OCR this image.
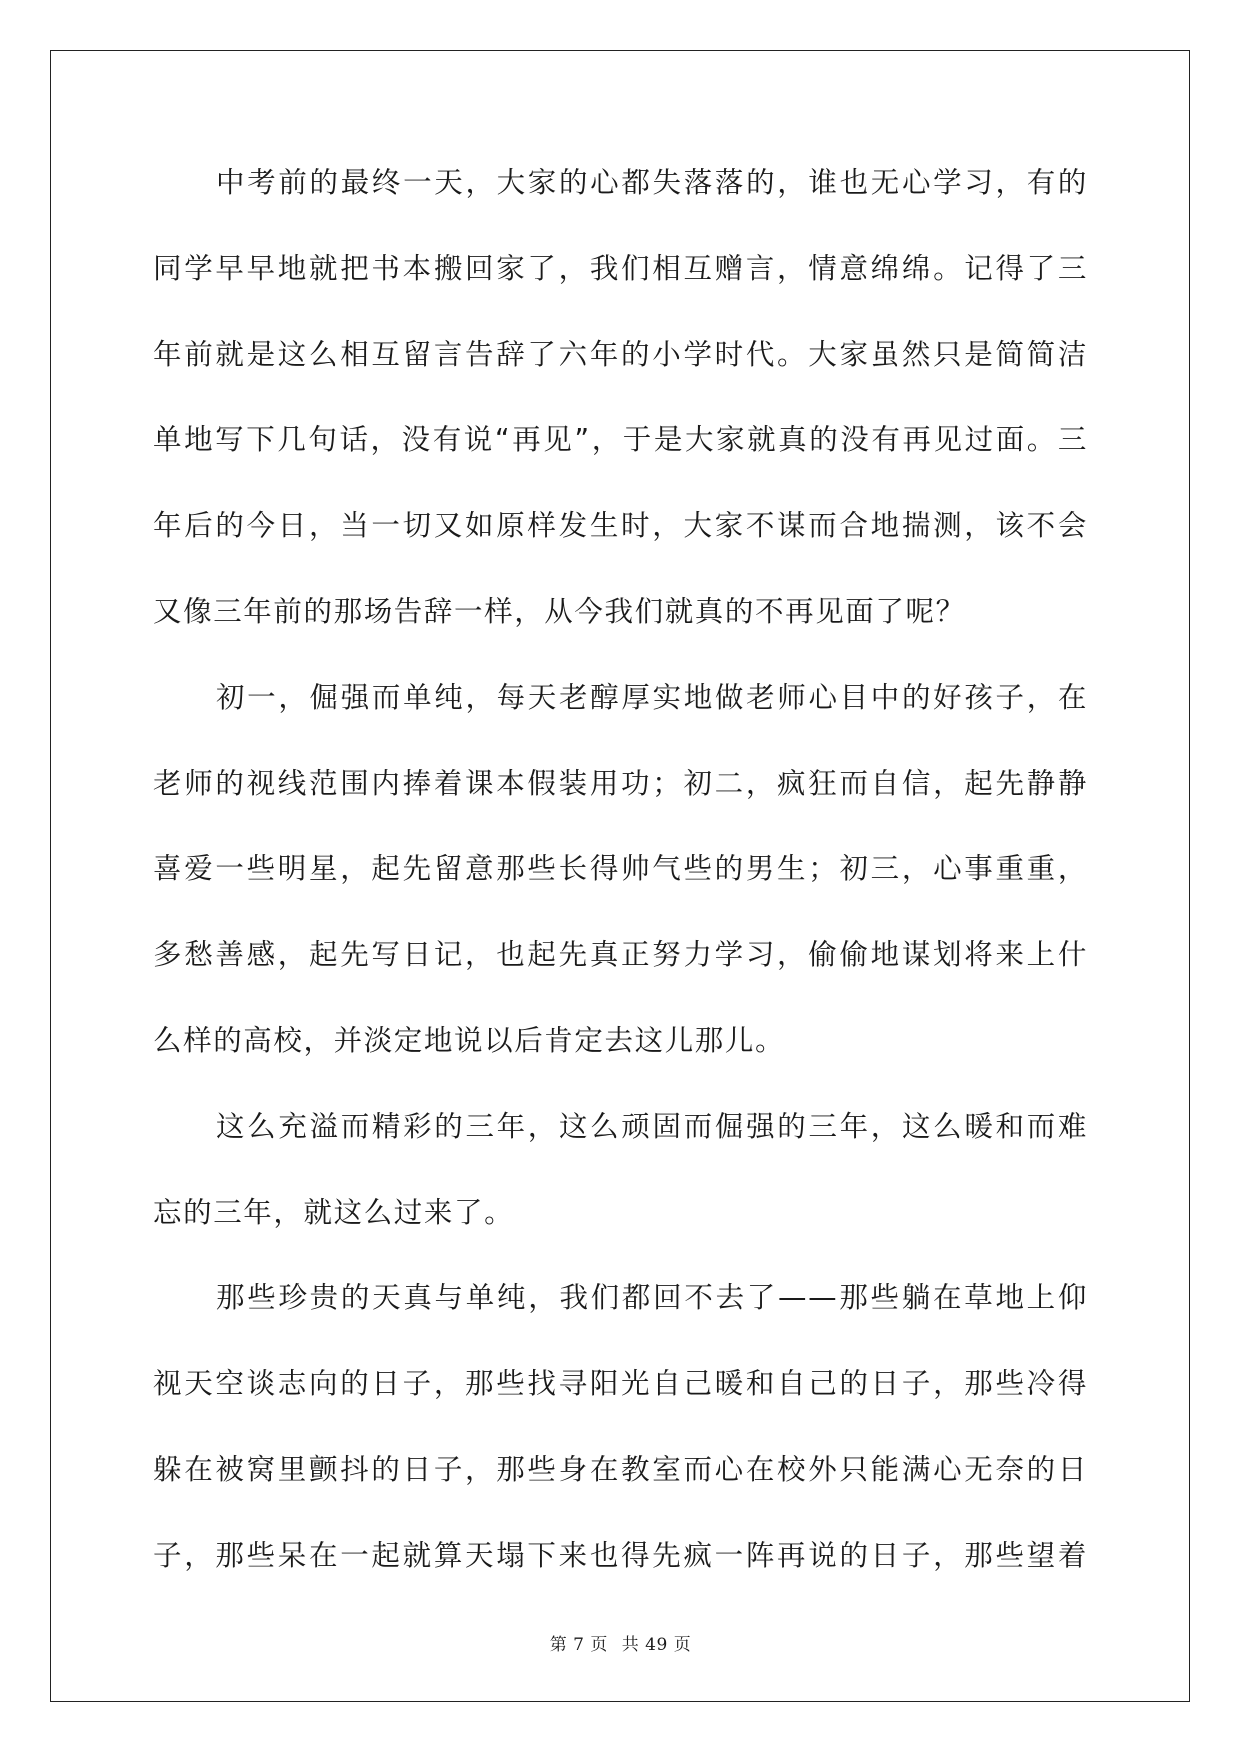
中考前的最终一天，大家的心都失落落的，谁也无心学习，有的

同学早早地就把书本搬回家了，我们相互赠言，情意绵绵。记得了三

年前就是这么相互留言告辞了六年的小学时代。大家虽然只是简简洁

单地写下几句话，没有说“再见”，于是大家就真的没有再见过面。三

年后的今日，当一切又如原样发生时，大家不谋而合地揣测，该不会

又像三年前的那场告辞一样，从今我们就真的不再见面了呢？

初一，倔强而单纯，每天老醇厚实地做老师心目中的好孩子，在

老师的视线范围内捧着课本假装用功；初二，疯狂而自信，起先静静

喜爱一些明星，起先留意那些长得帅气些的男生；初三，心事重重，

多愁善感，起先写日记，也起先真正努力学习，偷偷地谋划将来上什

么样的高校，并淡定地说以后肯定去这儿那儿。

这么充溢而精彩的三年，这么顽固而倔强的三年，这么暖和而难

忘的三年，就这么过来了。

那些珍贵的天真与单纯，我们都回不去了——那些躺在草地上仰

视天空谈志向的日子，那些找寻阳光自己暖和自己的日子，那些冷得

躲在被窝里颤抖的日子，那些身在教室而心在校外只能满心无奈的日

子，那些呆在一起就算天塌下来也得先疯一阵再说的日子，那些望着

第 7 页 共 49 页
